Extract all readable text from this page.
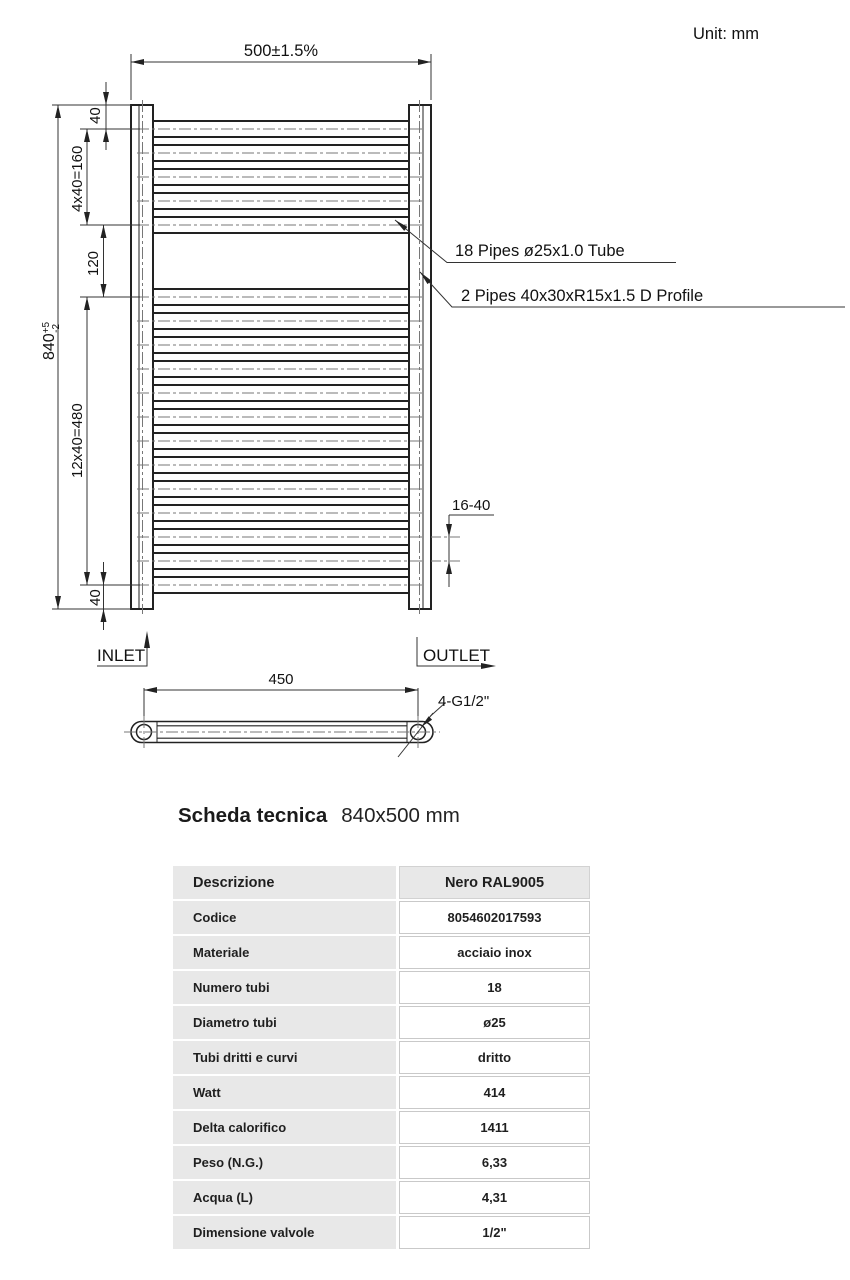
Unit: mm
500±1.5%
$840^{+5}-2$
40
4x40=160
120
12x40=480
40
16-40
18 Pipes ø25x1.0 Tube
2 Pipes 40x30xR15x1.5 D Profile
INLET	OUTLET
450
4-G1/2"
Scheda tecnica 840x500 mm
Descrizione	Nero RAL9005
Codice	8054602017593
Materiale	acciaio inox
Numero tubi	18
Diametro tubi	ø25
Tubi dritti e curvi	dritto
Watt	414
Delta calorifico	1411
Peso (N.G.)	6,33
Acqua (L)	4,31
Dimensione valvole	1/2"
